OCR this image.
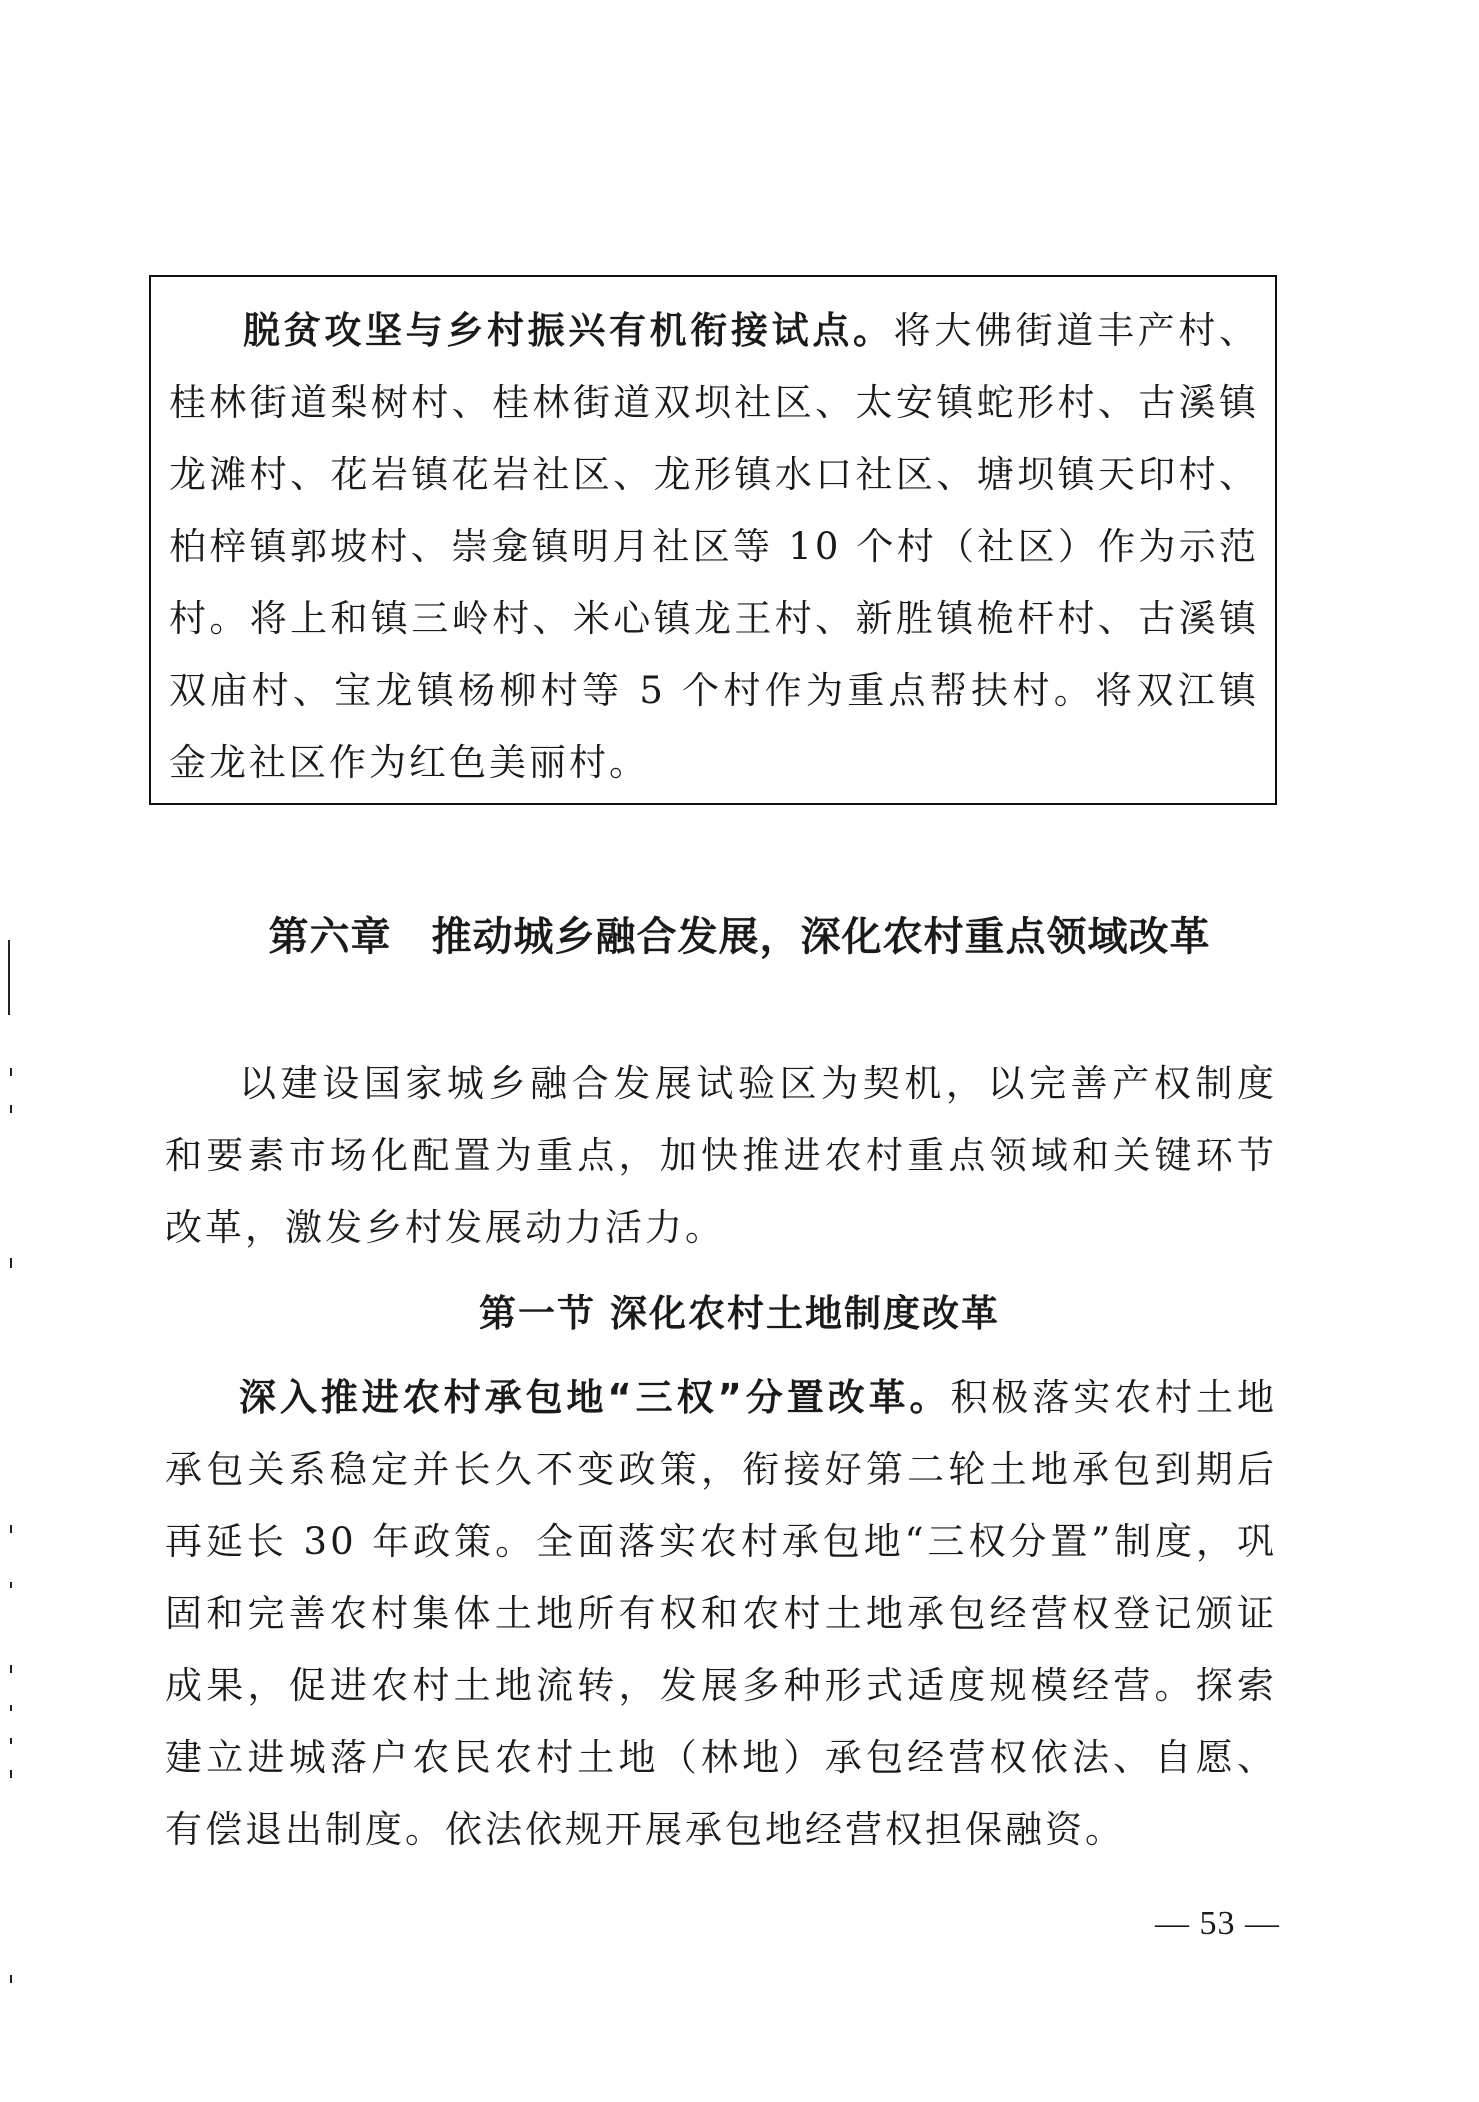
脱贫攻坚与乡村振兴有机衔接试点。将大佛街道丰产村、桂林街道梨树村、桂林街道双坝社区、太安镇蛇形村、古溪镇龙滩村、花岩镇花岩社区、龙形镇水口社区、塘坝镇天印村、柏梓镇郭坡村、崇龛镇明月社区等 10 个村（社区）作为示范村。将上和镇三岭村、米心镇龙王村、新胜镇桅杆村、古溪镇双庙村、宝龙镇杨柳村等 5 个村作为重点帮扶村。将双江镇金龙社区作为红色美丽村。

第六章 推动城乡融合发展，深化农村重点领域改革

以建设国家城乡融合发展试验区为契机，以完善产权制度和要素市场化配置为重点，加快推进农村重点领域和关键环节改革，激发乡村发展动力活力。

第一节 深化农村土地制度改革

深入推进农村承包地“三权”分置改革。积极落实农村土地承包关系稳定并长久不变政策，衔接好第二轮土地承包到期后再延长 30 年政策。全面落实农村承包地“三权分置”制度，巩固和完善农村集体土地所有权和农村土地承包经营权登记颁证成果，促进农村土地流转，发展多种形式适度规模经营。探索建立进城落户农民农村土地（林地）承包经营权依法、自愿、有偿退出制度。依法依规开展承包地经营权担保融资。

— 53 —
